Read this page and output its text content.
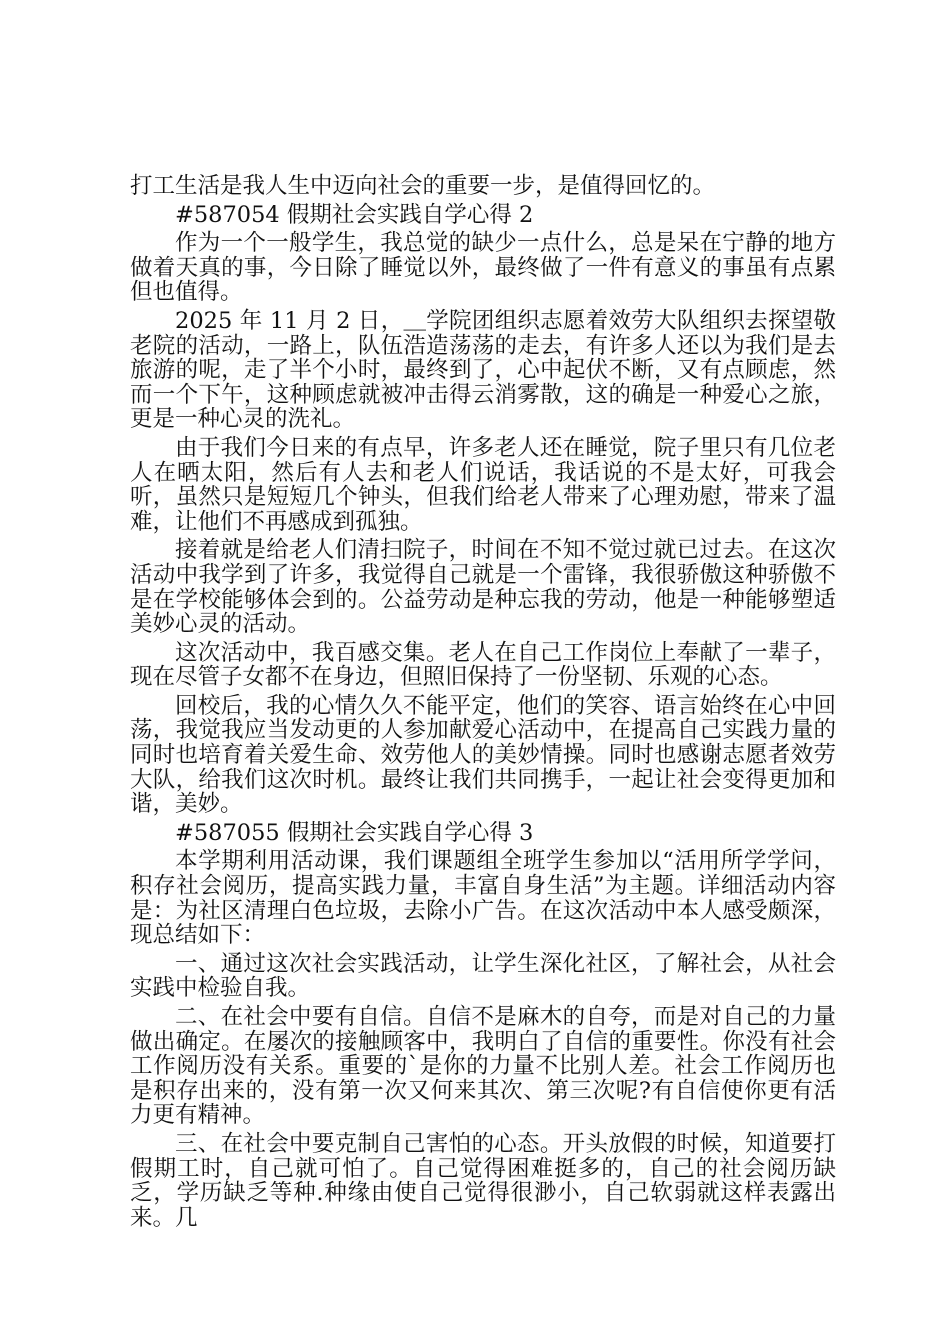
打工生活是我人生中迈向社会的重要一步，是值得回忆的。

#587054 假期社会实践自学心得 2

作为一个一般学生，我总觉的缺少一点什么，总是呆在宁静的地方做着天真的事，今日除了睡觉以外，最终做了一件有意义的事虽有点累但也值得。

2025 年 11 月 2 日，＿学院团组织志愿着效劳大队组织去探望敬老院的活动，一路上，队伍浩造荡荡的走去，有许多人还以为我们是去旅游的呢，走了半个小时，最终到了，心中起伏不断，又有点顾虑，然而一个下午，这种顾虑就被冲击得云消雾散，这的确是一种爱心之旅，更是一种心灵的洗礼。

由于我们今日来的有点早，许多老人还在睡觉，院子里只有几位老人在晒太阳，然后有人去和老人们说话，我话说的不是太好，可我会听，虽然只是短短几个钟头，但我们给老人带来了心理劝慰，带来了温难，让他们不再感成到孤独。

接着就是给老人们清扫院子，时间在不知不觉过就已过去。在这次活动中我学到了许多，我觉得自己就是一个雷锋，我很骄傲这种骄傲不是在学校能够体会到的。公益劳动是种忘我的劳动，他是一种能够塑适美妙心灵的活动。

这次活动中，我百感交集。老人在自己工作岗位上奉献了一辈子，现在尽管子女都不在身边，但照旧保持了一份坚韧、乐观的心态。

回校后，我的心情久久不能平定，他们的笑容、语言始终在心中回荡，我觉我应当发动更的人参加献爱心活动中，在提高自己实践力量的同时也培育着关爱生命、效劳他人的美妙情操。同时也感谢志愿者效劳大队，给我们这次时机。最终让我们共同携手，一起让社会变得更加和谐，美妙。

#587055 假期社会实践自学心得 3

本学期利用活动课，我们课题组全班学生参加以“活用所学学问，积存社会阅历，提高实践力量，丰富自身生活”为主题。详细活动内容是：为社区清理白色垃圾，去除小广告。在这次活动中本人感受颇深，现总结如下：

一、通过这次社会实践活动，让学生深化社区，了解社会，从社会实践中检验自我。

二、在社会中要有自信。自信不是麻木的自夸，而是对自己的力量做出确定。在屡次的接触顾客中，我明白了自信的重要性。你没有社会工作阅历没有关系。重要的`是你的力量不比别人差。社会工作阅历也是积存出来的，没有第一次又何来其次、第三次呢?有自信使你更有活力更有精神。

三、在社会中要克制自己害怕的心态。开头放假的时候，知道要打假期工时，自己就可怕了。自己觉得困难挺多的，自己的社会阅历缺乏，学历缺乏等种.种缘由使自己觉得很渺小，自己软弱就这样表露出来。几
